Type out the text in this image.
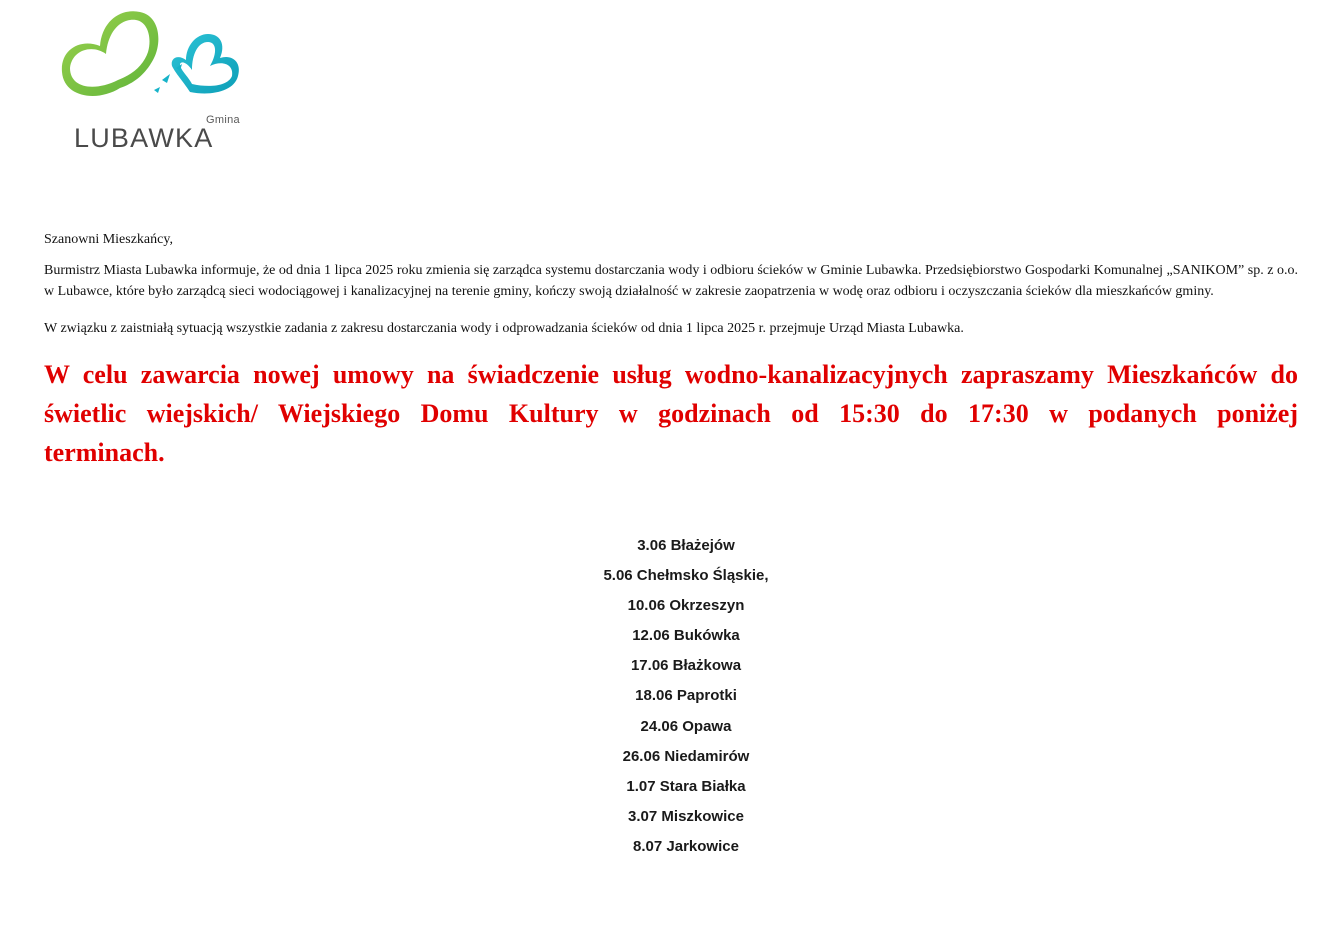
Gmina
LUBAWKA

Szanowni Mieszkańcy,

Burmistrz Miasta Lubawka informuje, że od dnia 1 lipca 2025 roku zmienia się zarządca systemu dostarczania wody i odbioru ścieków w Gminie Lubawka. Przedsiębiorstwo Gospodarki Komunalnej „SANIKOM” sp. z o.o. w Lubawce, które było zarządcą sieci wodociągowej i kanalizacyjnej na terenie gminy, kończy swoją działalność w zakresie zaopatrzenia w wodę oraz odbioru i oczyszczania ścieków dla mieszkańców gminy.

W związku z zaistniałą sytuacją wszystkie zadania z zakresu dostarczania wody i odprowadzania ścieków od dnia 1 lipca 2025 r. przejmuje Urząd Miasta Lubawka.

W celu zawarcia nowej umowy na świadczenie usług wodno-kanalizacyjnych zapraszamy Mieszkańców do świetlic wiejskich/ Wiejskiego Domu Kultury w godzinach od 15:30 do 17:30 w podanych poniżej terminach.

3.06 Błażejów
5.06 Chełmsko Śląskie,
10.06 Okrzeszyn
12.06 Bukówka
17.06 Błażkowa
18.06 Paprotki
24.06 Opawa
26.06 Niedamirów
1.07 Stara Białka
3.07 Miszkowice
8.07 Jarkowice
